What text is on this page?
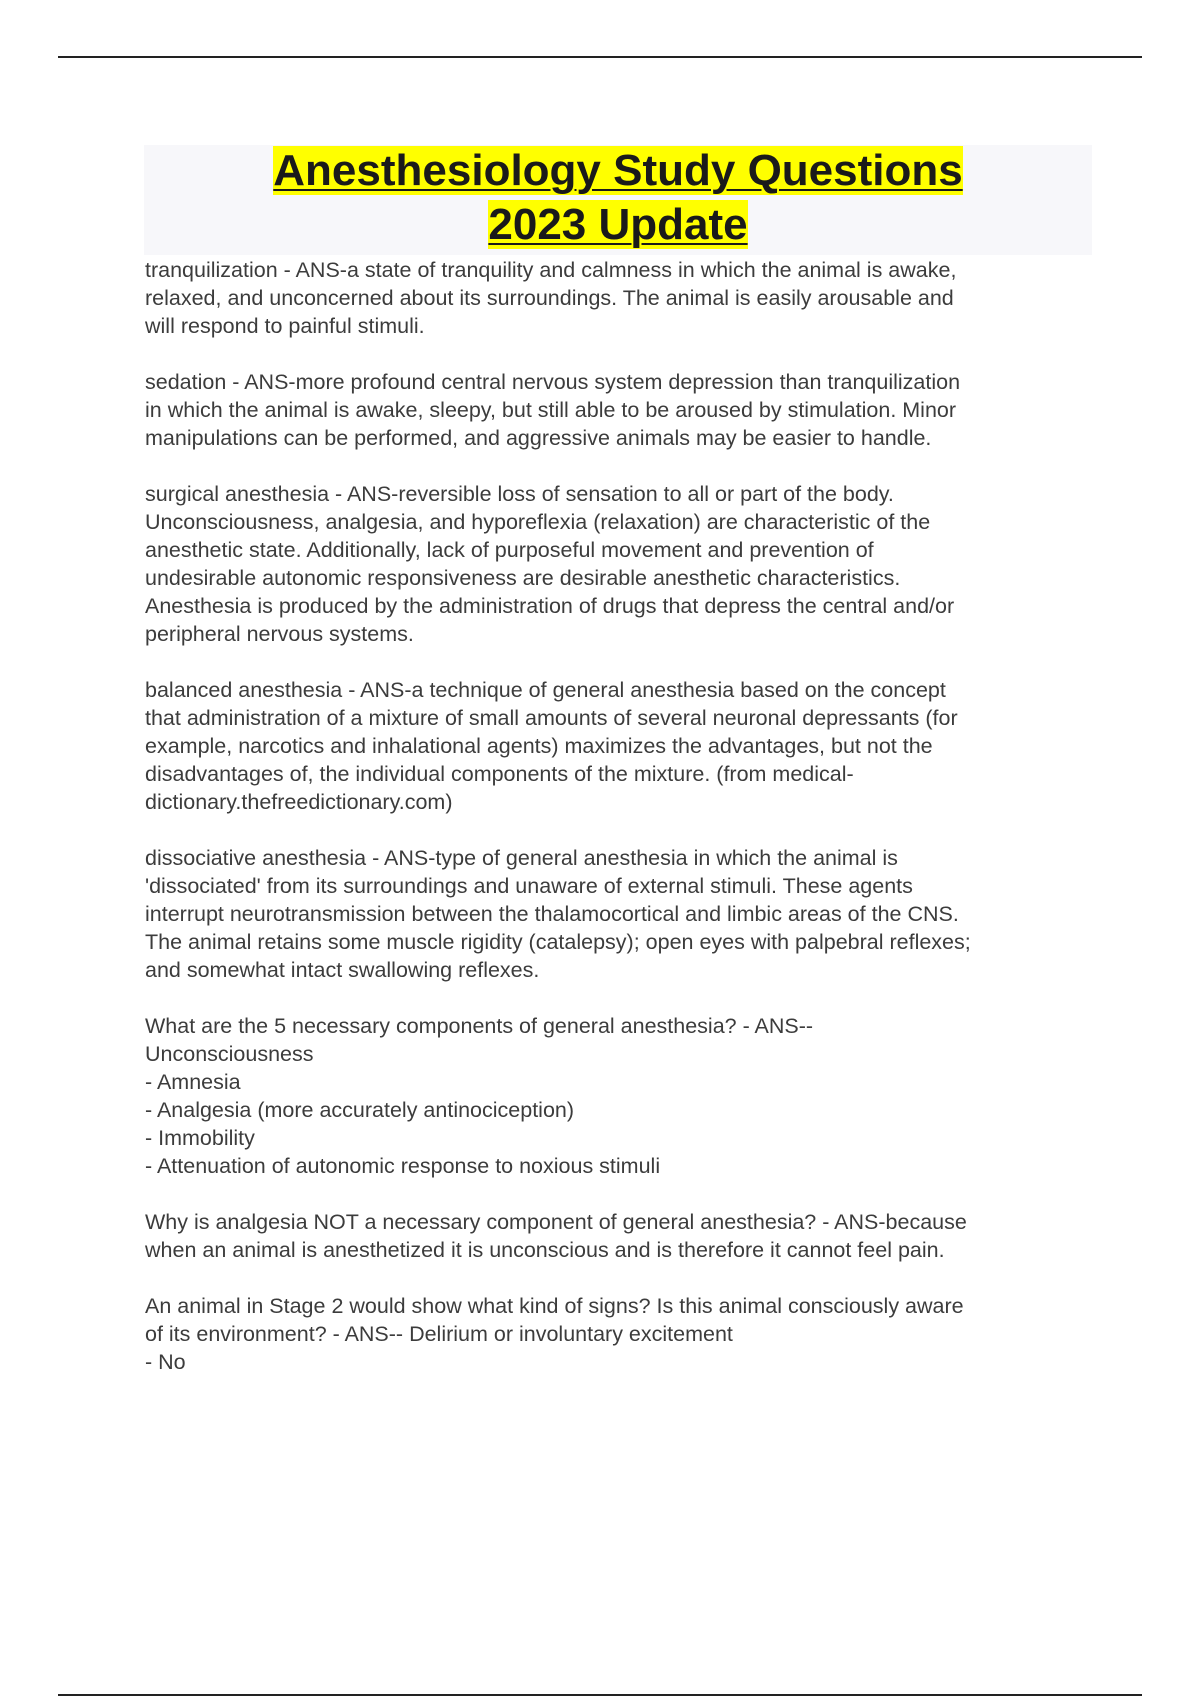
Anesthesiology Study Questions
2023 Update

tranquilization - ANS-a state of tranquility and calmness in which the animal is awake,
relaxed, and unconcerned about its surroundings. The animal is easily arousable and
will respond to painful stimuli.

sedation - ANS-more profound central nervous system depression than tranquilization
in which the animal is awake, sleepy, but still able to be aroused by stimulation. Minor
manipulations can be performed, and aggressive animals may be easier to handle.

surgical anesthesia - ANS-reversible loss of sensation to all or part of the body.
Unconsciousness, analgesia, and hyporeflexia (relaxation) are characteristic of the
anesthetic state. Additionally, lack of purposeful movement and prevention of
undesirable autonomic responsiveness are desirable anesthetic characteristics.
Anesthesia is produced by the administration of drugs that depress the central and/or
peripheral nervous systems.

balanced anesthesia - ANS-a technique of general anesthesia based on the concept
that administration of a mixture of small amounts of several neuronal depressants (for
example, narcotics and inhalational agents) maximizes the advantages, but not the
disadvantages of, the individual components of the mixture. (from medical-
dictionary.thefreedictionary.com)

dissociative anesthesia - ANS-type of general anesthesia in which the animal is
'dissociated' from its surroundings and unaware of external stimuli. These agents
interrupt neurotransmission between the thalamocortical and limbic areas of the CNS.
The animal retains some muscle rigidity (catalepsy); open eyes with palpebral reflexes;
and somewhat intact swallowing reflexes.

What are the 5 necessary components of general anesthesia? - ANS--
Unconsciousness
- Amnesia
- Analgesia (more accurately antinociception)
- Immobility
- Attenuation of autonomic response to noxious stimuli

Why is analgesia NOT a necessary component of general anesthesia? - ANS-because
when an animal is anesthetized it is unconscious and is therefore it cannot feel pain.

An animal in Stage 2 would show what kind of signs? Is this animal consciously aware
of its environment? - ANS-- Delirium or involuntary excitement
- No
